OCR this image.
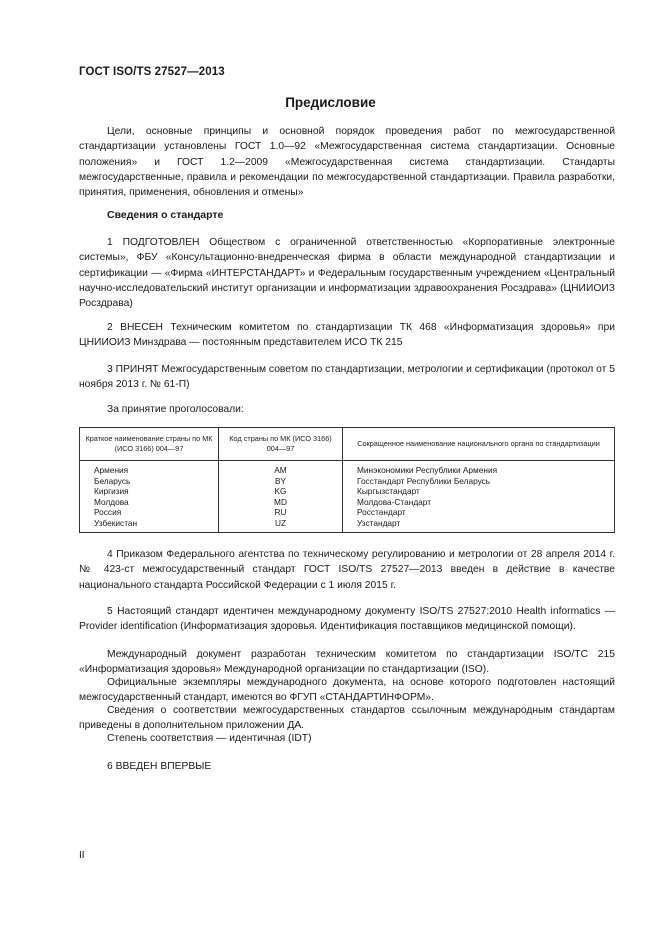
ГОСТ ISO/TS 27527—2013
Предисловие
Цели, основные принципы и основной порядок проведения работ по межгосударственной стандартизации установлены ГОСТ 1.0—92 «Межгосударственная система стандартизации. Основные положения» и ГОСТ 1.2—2009 «Межгосударственная система стандартизации. Стандарты межгосударственные, правила и рекомендации по межгосударственной стандартизации. Правила разработки, принятия, применения, обновления и отмены»
Сведения о стандарте
1 ПОДГОТОВЛЕН Обществом с ограниченной ответственностью «Корпоративные электронные системы», ФБУ «Консультационно-внедренческая фирма в области международной стандартизации и сертификации — «Фирма «ИНТЕРСТАНДАРТ» и Федеральным государственным учреждением «Центральный научно-исследовательский институт организации и информатизации здравоохранения Росздрава» (ЦНИИОИЗ Росздрава)
2 ВНЕСЕН Техническим комитетом по стандартизации ТК 468 «Информатизация здоровья» при ЦНИИОИЗ Минздрава — постоянным представителем ИСО ТК 215
3 ПРИНЯТ Межгосударственным советом по стандартизации, метрологии и сертификации (протокол от 5 ноября 2013 г. № 61-П)
За принятие проголосовали:
Краткое наименование страны по МК (ИСО 3166) 004—97	Код страны по МК (ИСО 3166) 004—97	Сокращенное наименование национального органа по стандартизации
Армения	AM	Минэкономики Республики Армения
Беларусь	BY	Госстандарт Республики Беларусь
Киргизия	KG	Кыргызстандарт
Молдова	MD	Молдова-Стандарт
Россия	RU	Росстандарт
Узбекистан	UZ	Узстандарт
4 Приказом Федерального агентства по техническому регулированию и метрологии от 28 апреля 2014 г. № 423-ст межгосударственный стандарт ГОСТ ISO/TS 27527—2013 введен в действие в качестве национального стандарта Российской Федерации с 1 июля 2015 г.
5 Настоящий стандарт идентичен международному документу ISO/TS 27527:2010 Health informatics — Provider identification (Информатизация здоровья. Идентификация поставщиков медицинской помощи).
Международный документ разработан техническим комитетом по стандартизации ISO/TC 215 «Информатизация здоровья» Международной организации по стандартизации (ISO).
Официальные экземпляры международного документа, на основе которого подготовлен настоящий межгосударственный стандарт, имеются во ФГУП «СТАНДАРТИНФОРМ».
Сведения о соответствии межгосударственных стандартов ссылочным международным стандартам приведены в дополнительном приложении ДА.
Степень соответствия — идентичная (IDT)
6 ВВЕДЕН ВПЕРВЫЕ
II
